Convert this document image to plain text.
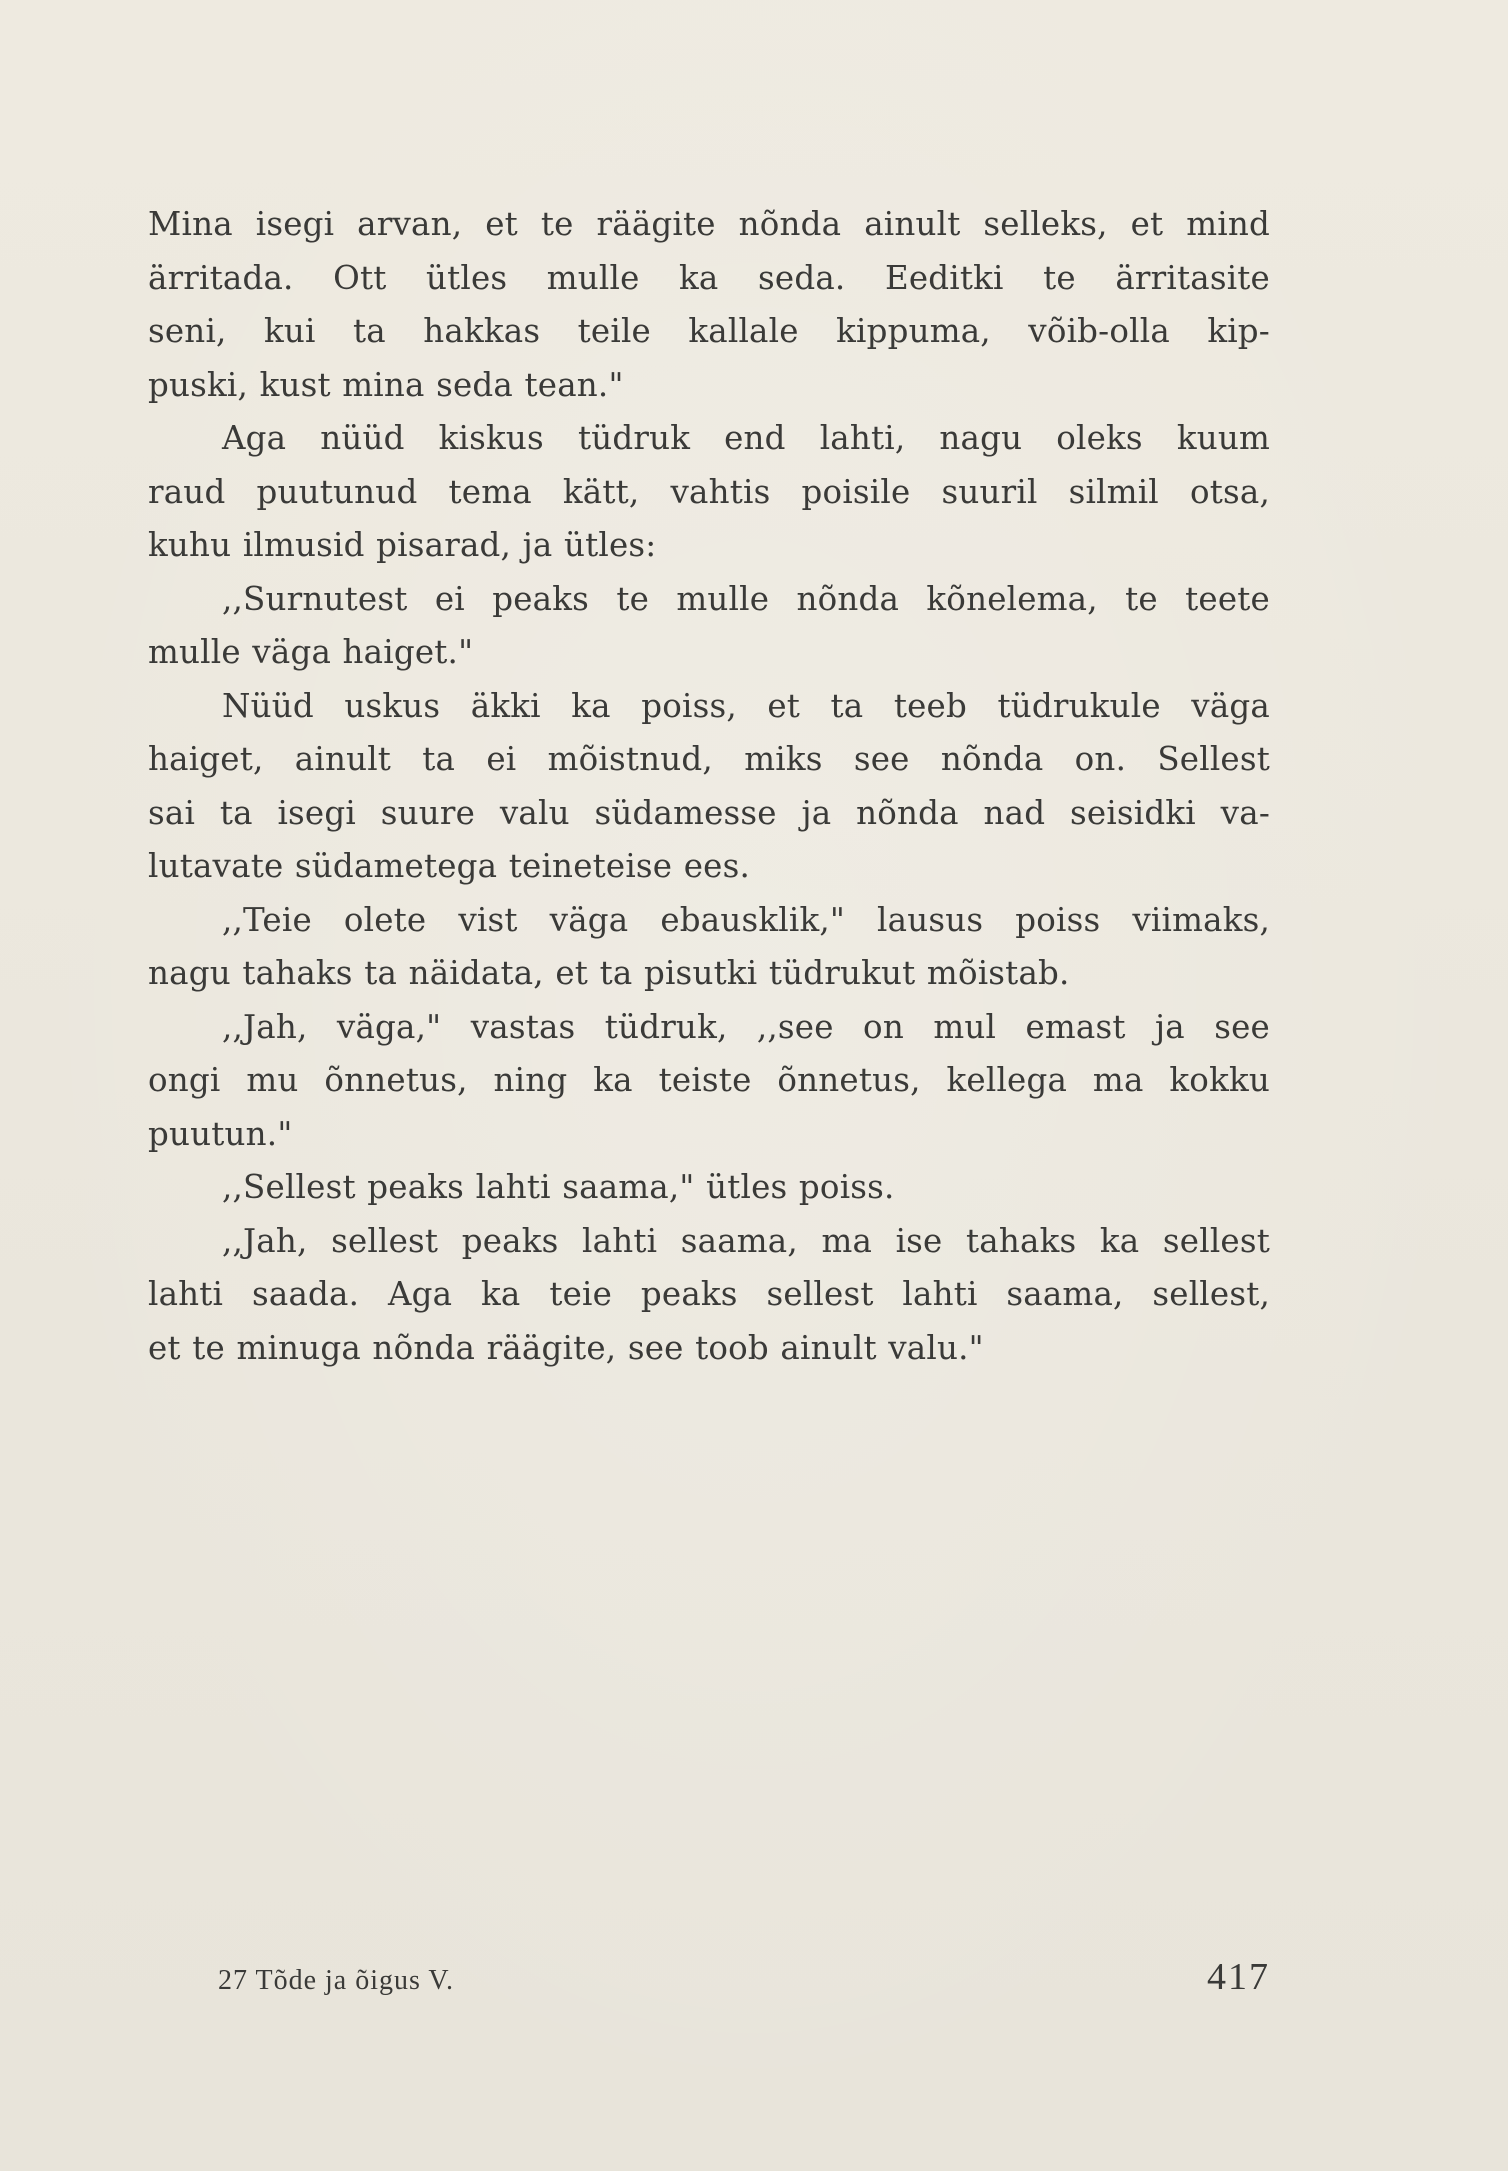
Mina isegi arvan, et te räägite nõnda ainult selleks, et mind
ärritada. Ott ütles mulle ka seda. Eeditki te ärritasite
seni, kui ta hakkas teile kallale kippuma, võib-olla kip-
puski, kust mina seda tean."
Aga nüüd kiskus tüdruk end lahti, nagu oleks kuum
raud puutunud tema kätt, vahtis poisile suuril silmil otsa,
kuhu ilmusid pisarad, ja ütles:
,,Surnutest ei peaks te mulle nõnda kõnelema, te teete
mulle väga haiget."
Nüüd uskus äkki ka poiss, et ta teeb tüdrukule väga
haiget, ainult ta ei mõistnud, miks see nõnda on. Sellest
sai ta isegi suure valu südamesse ja nõnda nad seisidki va-
lutavate südametega teineteise ees.
,,Teie olete vist väga ebausklik," lausus poiss viimaks,
nagu tahaks ta näidata, et ta pisutki tüdrukut mõistab.
,,Jah, väga," vastas tüdruk, ,,see on mul emast ja see
ongi mu õnnetus, ning ka teiste õnnetus, kellega ma kokku
puutun."
,,Sellest peaks lahti saama," ütles poiss.
,,Jah, sellest peaks lahti saama, ma ise tahaks ka sellest
lahti saada. Aga ka teie peaks sellest lahti saama, sellest,
et te minuga nõnda räägite, see toob ainult valu."
27 Tõde ja õigus V.	417
